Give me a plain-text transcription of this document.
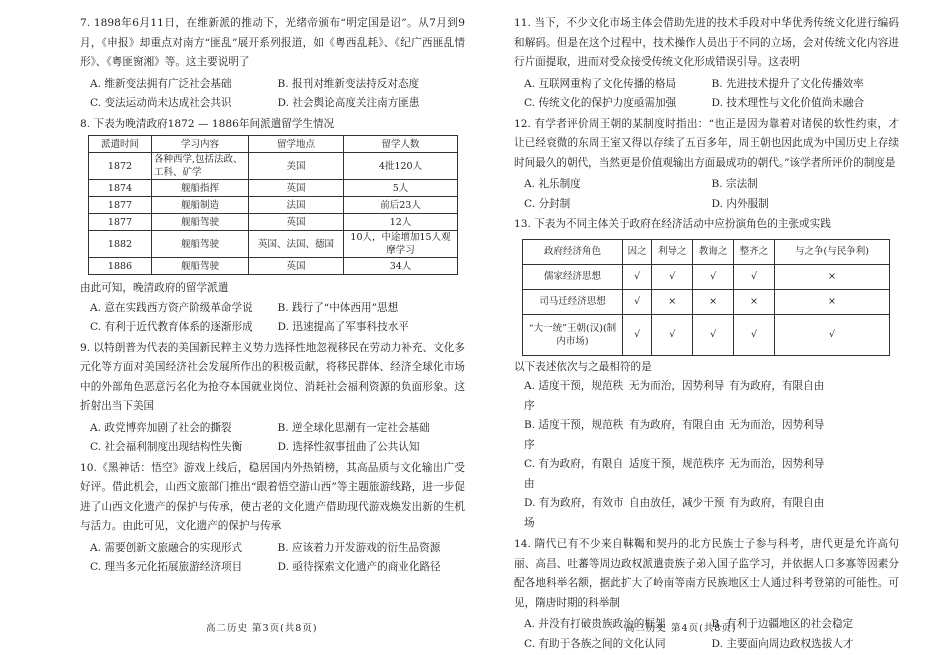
7. 1898年6月11日，在维新派的推动下，光绪帝颁布“明定国是诏”。从7月到9月，《申报》却重点对南方“匪乱”展开系列报道，如《粤西乱耗》、《纪广西匪乱情形》、《粤匪窗湘》等。这主要说明了

A. 维新变法拥有广泛社会基础	B. 报刊对维新变法持反对态度
C. 变法运动尚未达成社会共识	D. 社会舆论高度关注南方匪患

8. 下表为晚清政府1872 — 1886年间派遣留学生情况

派遣时间	学习内容	留学地点	留学人数
1872	各种西学,包括法政、工科、矿学	美国	4批120人
1874	舰船指挥	英国	5人
1877	舰船制造	法国	前后23人
1877	舰船驾驶	英国	12人
1882	舰船驾驶	英国、法国、德国	10人，中途增加15人观摩学习
1886	舰船驾驶	英国	34人

由此可知，晚清政府的留学派遣

A. 意在实践西方资产阶级革命学说	B. 践行了“中体西用”思想
C. 有利于近代教育体系的逐渐形成	D. 迅速提高了军事科技水平

9. 以特朗普为代表的美国新民粹主义势力选择性地忽视移民在劳动力补充、文化多元化等方面对美国经济社会发展所作出的积极贡献，将移民群体、经济全球化市场中的外部角色恶意污名化为抢夺本国就业岗位、消耗社会福利资源的负面形象。这折射出当下美国

A. 政党博弈加剧了社会的撕裂	B. 逆全球化思潮有一定社会基础
C. 社会福利制度出现结构性失衡	D. 选择性叙事扭曲了公共认知

10.《黑神话：悟空》游戏上线后，稳居国内外热销榜，其高品质与文化输出广受好评。借此机会，山西文旅部门推出“跟着悟空游山西”等主题旅游线路，进一步促进了山西文化遗产的保护与传承，使古老的文化遗产借助现代游戏焕发出新的生机与活力。由此可见，文化遗产的保护与传承

A. 需要创新文旅融合的实现形式	B. 应该着力开发游戏的衍生品资源
C. 理当多元化拓展旅游经济项目	D. 亟待探索文化遗产的商业化路径

11. 当下，不少文化市场主体会借助先进的技术手段对中华优秀传统文化进行编码和解码。但是在这个过程中，技术操作人员出于不同的立场，会对传统文化内容进行片面提取，进而对受众接受传统文化形成错误引导。这表明

A. 互联网重构了文化传播的格局	B. 先进技术提升了文化传播效率
C. 传统文化的保护力度亟需加强	D. 技术理性与文化价值尚未融合

12. 有学者评价周王朝的某制度时指出：“也正是因为靠着对诸侯的软性约束，才让已经衰微的东周王室又得以存续了五百多年，周王朝也因此成为中国历史上存续时间最久的朝代，当然更是价值观输出方面最成功的朝代。”该学者所评价的制度是

A. 礼乐制度	B. 宗法制
C. 分封制	D. 内外服制

13. 下表为不同主体关于政府在经济活动中应扮演角色的主张或实践

政府经济角色	因之	利导之	教诲之	整齐之	与之争(与民争利)
儒家经济思想	√	√	√	√	×
司马迁经济思想	√	×	×	×	×
“大一统”王朝(汉)(制内市场)	√	√	√	√	√

以下表述依次与之最相符的是

A. 适度干预，规范秩序
无为而治，因势利导 有为政府，有限自由
B. 适度干预，规范秩序
有为政府，有限自由 无为而治，因势利导
C. 有为政府，有限自由
适度干预，规范秩序 无为而治，因势利导
D. 有为政府，有效市场
自由放任，减少干预 有为政府，有限自由

14. 隋代已有不少来自靺鞨和契丹的北方民族士子参与科考，唐代更是允许高句丽、高昌、吐蕃等周边政权派遣贵族子弟入国子监学习，并依据人口多寡等因素分配各地科举名额，据此扩大了岭南等南方民族地区士人通过科考登第的可能性。可见，隋唐时期的科举制

A. 并没有打破贵族政治的框架	B. 有利于边疆地区的社会稳定
C. 有助于各族之间的文化认同	D. 主要面向周边政权选拔人才
高二历史 第3页(共8页)	高二历史 第4页(共8页)
